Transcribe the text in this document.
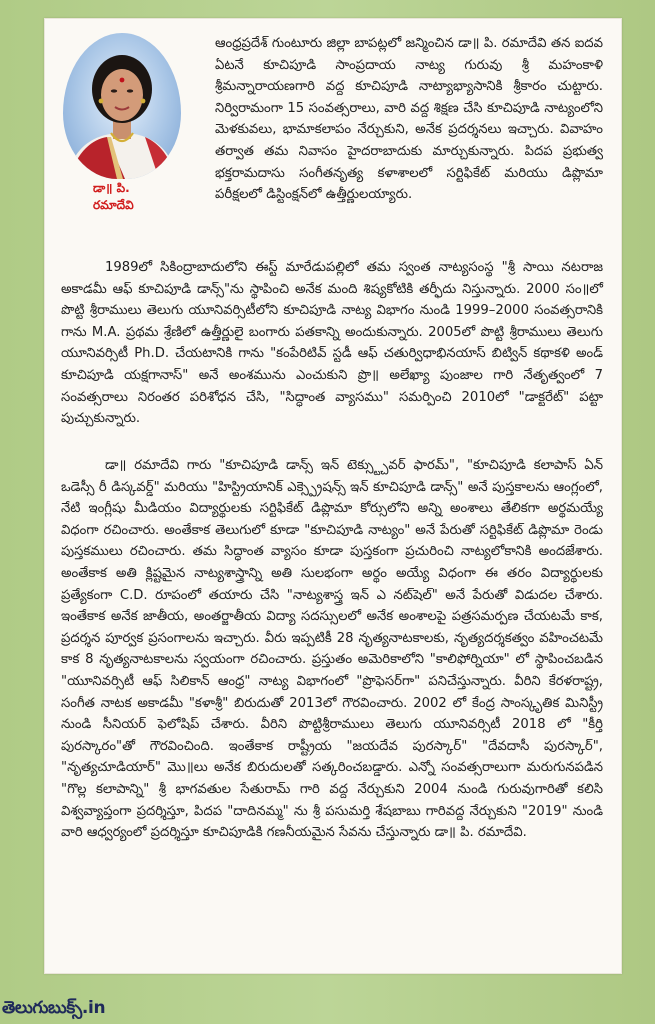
డా॥ పి. రమాదేవి

ఆంధ్రప్రదేశ్ గుంటూరు జిల్లా బాపట్లలో జన్మించిన డా॥ పి. రమాదేవి తన ఐదవ ఏటనే కూచిపూడి సాంప్రదాయ నాట్య గురువు శ్రీ మహంకాళి శ్రీమన్నారాయణగారి వద్ద కూచిపూడి నాట్యాభ్యాసానికి శ్రీకారం చుట్టారు. నిర్విరామంగా 15 సంవత్సరాలు, వారి వద్ద శిక్షణ చేసి కూచిపూడి నాట్యంలోని మెళకువలు, భామాకలాపం నేర్చుకుని, అనేక ప్రదర్శనలు ఇచ్చారు. వివాహం తర్వాత తమ నివాసం హైదరాబాదుకు మార్చుకున్నారు. పిదప ప్రభుత్వ భక్తరామదాసు సంగీతనృత్య కళాశాలలో సర్టిఫికేట్ మరియు డిప్లొమా పరీక్షలలో డిస్టింక్షన్‌లో ఉత్తీర్ణులయ్యారు.

1989లో సికింద్రాబాదులోని ఈస్ట్ మారేడుపల్లిలో తమ స్వంత నాట్యసంస్థ "శ్రీ సాయి నటరాజ అకాడమీ ఆఫ్ కూచిపూడి డాన్స్"ను స్థాపించి అనేక మంది శిష్యకోటికి తర్ఫీదు నిస్తున్నారు. 2000 సం॥లో పొట్టి శ్రీరాములు తెలుగు యూనివర్సిటీలోని కూచిపూడి నాట్య విభాగం నుండి 1999–2000 సంవత్సరానికి గాను M.A. ప్రథమ శ్రేణిలో ఉత్తీర్ణులై బంగారు పతకాన్ని అందుకున్నారు. 2005లో పొట్టి శ్రీరాములు తెలుగు యూనివర్సిటీ Ph.D. చేయటానికి గాను "కంపేరిటివ్ స్టడీ ఆఫ్ చతుర్విధాభినయాస్ బిట్విన్ కథాకళి అండ్ కూచిపూడి యక్షగానాస్" అనే అంశమును ఎంచుకుని ప్రొ॥ అలేఖ్యా పుంజాల గారి నేతృత్వంలో 7 సంవత్సరాలు నిరంతర పరిశోధన చేసి, "సిద్ధాంత వ్యాసము" సమర్పించి 2010లో "డాక్టరేట్" పట్టా పుచ్చుకున్నారు.

డా॥ రమాదేవి గారు "కూచిపూడి డాన్స్ ఇన్ టెక్స్ట్చువర్ ఫారమ్", "కూచిపూడి కలాపాస్ ఏన్ ఒడెస్సీ రీ డిస్కవర్డ్" మరియు "హిస్ట్రియానిక్ ఎక్స్ప్రెషన్స్ ఇన్ కూచిపూడి డాన్స్" అనే పుస్తకాలను ఆంగ్లంలో, నేటి ఇంగ్లీషు మీడియం విద్యార్థులకు సర్టిఫికేట్ డిప్లొమా కోర్సులోని అన్ని అంశాలు తేలికగా అర్థమయ్యే విధంగా రచించారు. అంతేకాక తెలుగులో కూడా "కూచిపూడి నాట్యం" అనే పేరుతో సర్టిఫికేట్ డిప్లొమా రెండు పుస్తకములు రచించారు. తమ సిద్ధాంత వ్యాసం కూడా పుస్తకంగా ప్రచురించి నాట్యలోకానికి అందజేశారు. అంతేకాక అతి క్లిష్టమైన నాట్యశాస్త్రాన్ని అతి సులభంగా అర్థం అయ్యే విధంగా ఈ తరం విద్యార్థులకు ప్రత్యేకంగా C.D. రూపంలో తయారు చేసి "నాట్యశాస్త్ర ఇన్ ఎ నట్‌షెల్" అనే పేరుతో విడుదల చేశారు. ఇంతేకాక అనేక జాతీయ, అంతర్జాతీయ విద్యా సదస్సులలో అనేక అంశాలపై పత్రసమర్పణ చేయటమే కాక, ప్రదర్శన పూర్వక ప్రసంగాలను ఇచ్చారు. వీరు ఇప్పటికీ 28 నృత్యనాటకాలకు, నృత్యదర్శకత్వం వహించటమే కాక 8 నృత్యనాటకాలను స్వయంగా రచించారు. ప్రస్తుతం అమెరికాలోని "కాలిఫోర్నియా" లో స్థాపించబడిన "యూనివర్సిటీ ఆఫ్ సిలికాన్ ఆంధ్ర" నాట్య విభాగంలో "ప్రొఫెసర్‌గా" పనిచేస్తున్నారు. వీరిని కేరళరాష్ట్ర, సంగీత నాటక అకాడమీ "కళాశ్రీ" బిరుదుతో 2013లో గౌరవించారు. 2002 లో కేంద్ర సాంస్కృతిక మినిస్ట్రీ నుండి సీనియర్ ఫెలోషిప్ చేశారు. వీరిని పొట్టిశ్రీరాములు తెలుగు యూనివర్సిటీ 2018 లో "కీర్తి పురస్కారం"తో గౌరవించింది. ఇంతేకాక రాష్ట్రీయ "జయదేవ పురస్కార్" "దేవదాసీ పురస్కార్", "నృత్యచూడియార్" మొ॥లు అనేక బిరుదులతో సత్కరించబడ్డారు. ఎన్నో సంవత్సరాలుగా మరుగునపడిన "గొల్ల కలాపాన్ని" శ్రీ భాగవతుల సేతురామ్ గారి వద్ద నేర్చుకుని 2004 నుండి గురువుగారితో కలిసి విశ్వవ్యాప్తంగా ప్రదర్శిస్తూ, పిదప "దాదినమ్మ" ను శ్రీ పసుమర్తి శేషబాబు గారివద్ద నేర్చుకుని "2019" నుండి వారి ఆధ్వర్యంలో ప్రదర్శిస్తూ కూచిపూడికి గణనీయమైన సేవను చేస్తున్నారు డా॥ పి. రమాదేవి.

తెలుగుబుక్స్.in
